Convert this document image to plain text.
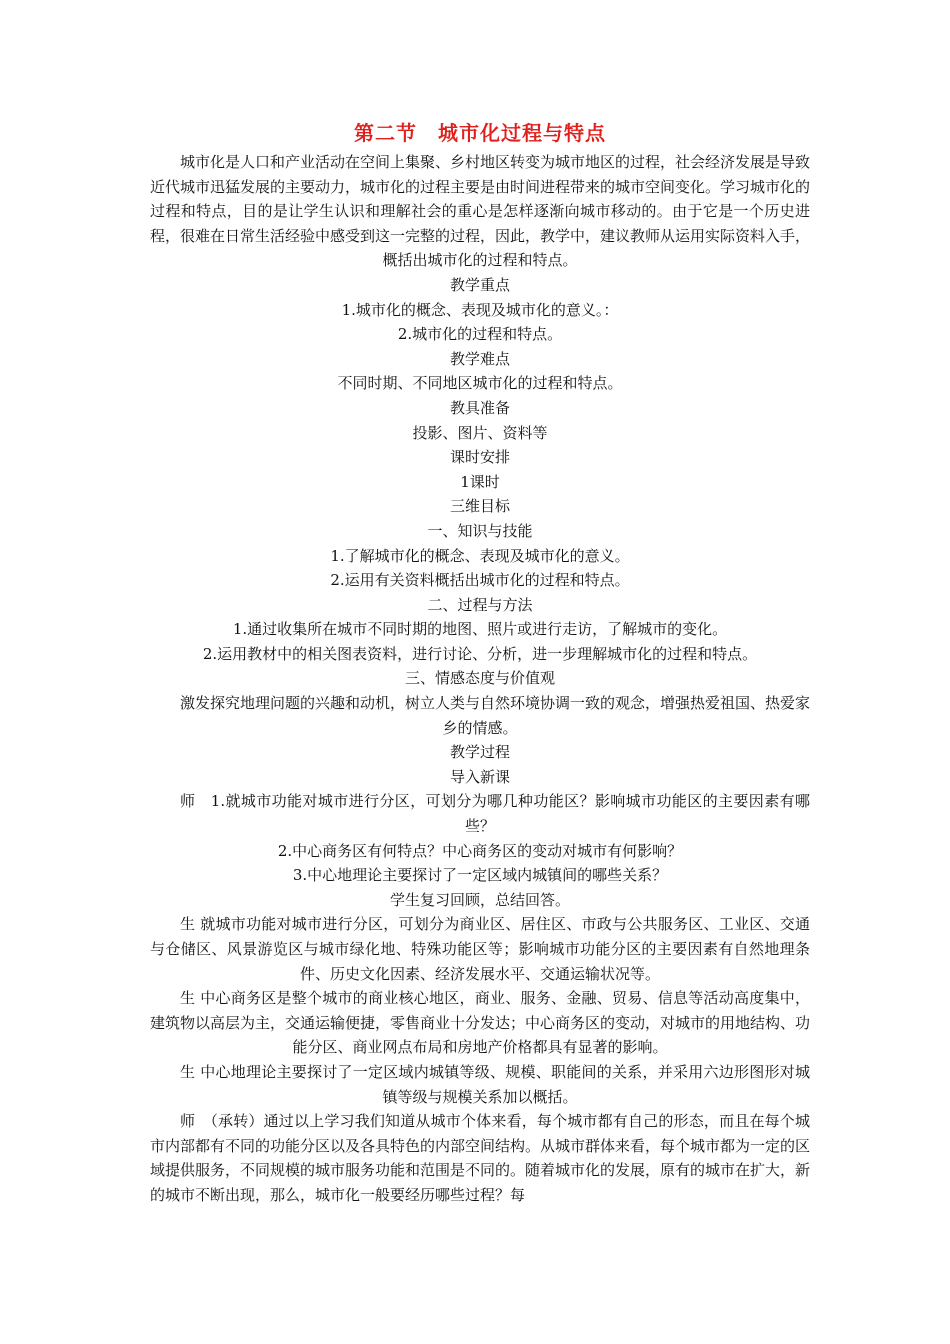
第二节　城市化过程与特点

城市化是人口和产业活动在空间上集聚、乡村地区转变为城市地区的过程，社会经济发展是导致近代城市迅猛发展的主要动力，城市化的过程主要是由时间进程带来的城市空间变化。学习城市化的过程和特点，目的是让学生认识和理解社会的重心是怎样逐渐向城市移动的。由于它是一个历史进程，很难在日常生活经验中感受到这一完整的过程，因此，教学中，建议教师从运用实际资料入手，概括出城市化的过程和特点。

教学重点

1.城市化的概念、表现及城市化的意义。：

2.城市化的过程和特点。

教学难点

不同时期、不同地区城市化的过程和特点。

教具准备

投影、图片、资料等

课时安排

1课时

三维目标

一、知识与技能

1.了解城市化的概念、表现及城市化的意义。

2.运用有关资料概括出城市化的过程和特点。

二、过程与方法

1.通过收集所在城市不同时期的地图、照片或进行走访，了解城市的变化。

2.运用教材中的相关图表资料，进行讨论、分析，进一步理解城市化的过程和特点。

三、情感态度与价值观

激发探究地理问题的兴趣和动机，树立人类与自然环境协调一致的观念，增强热爱祖国、热爱家乡的情感。

教学过程

导入新课

师　1.就城市功能对城市进行分区，可划分为哪几种功能区？影响城市功能区的主要因素有哪些？

2.中心商务区有何特点？中心商务区的变动对城市有何影响？

3.中心地理论主要探讨了一定区域内城镇间的哪些关系？

学生复习回顾，总结回答。

生 就城市功能对城市进行分区，可划分为商业区、居住区、市政与公共服务区、工业区、交通与仓储区、风景游览区与城市绿化地、特殊功能区等；影响城市功能分区的主要因素有自然地理条件、历史文化因素、经济发展水平、交通运输状况等。

生 中心商务区是整个城市的商业核心地区，商业、服务、金融、贸易、信息等活动高度集中，建筑物以高层为主，交通运输便捷，零售商业十分发达；中心商务区的变动，对城市的用地结构、功能分区、商业网点布局和房地产价格都具有显著的影响。

生 中心地理论主要探讨了一定区域内城镇等级、规模、职能间的关系，并采用六边形图形对城镇等级与规模关系加以概括。

师　（承转）通过以上学习我们知道从城市个体来看，每个城市都有自己的形态，而且在每个城市内部都有不同的功能分区以及各具特色的内部空间结构。从城市群体来看，每个城市都为一定的区域提供服务，不同规模的城市服务功能和范围是不同的。随着城市化的发展，原有的城市在扩大，新的城市不断出现，那么，城市化一般要经历哪些过程？每
